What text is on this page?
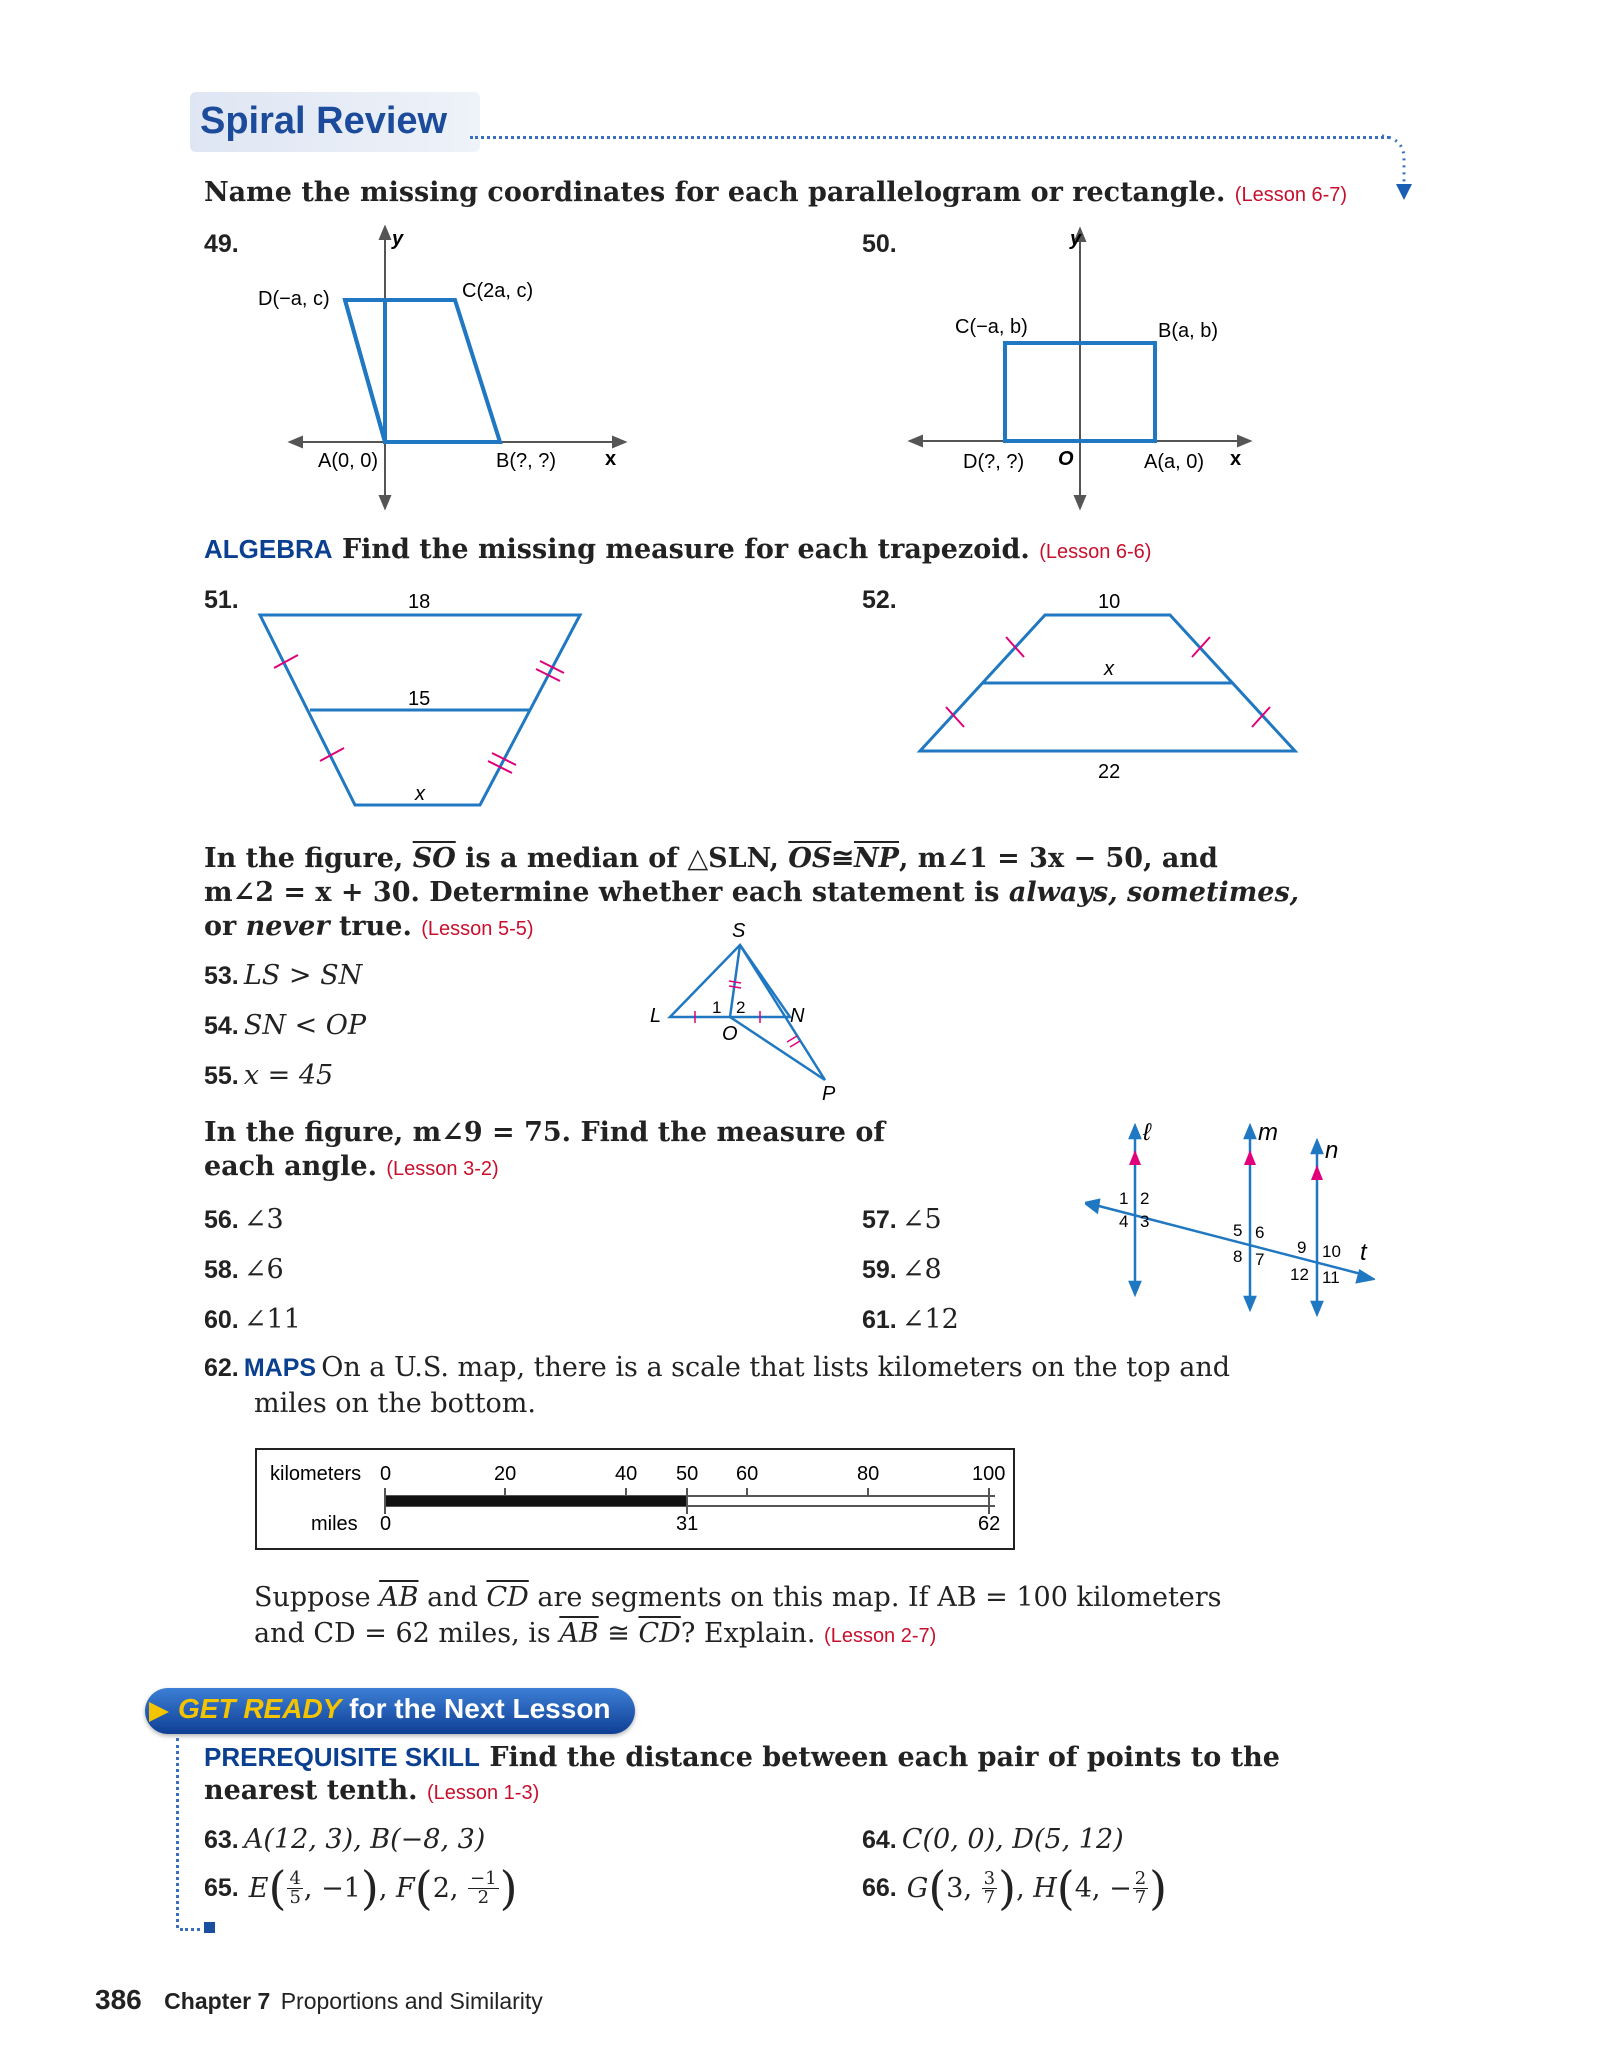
Spiral Review
Name the missing coordinates for each parallelogram or rectangle. (Lesson 6-7)
49.	y
x
D(−a, c)	C(2a, c)
A(0, 0)	B(?, ?)
50.	y
x
C(−a, b)	B(a, b)
D(?, ?) O	A(a, 0)
ALGEBRA Find the missing measure for each trapezoid. (Lesson 6-6)
51.	18
15
x
52.	10
x
22
In the figure, $\overline{SO}$ is a median of △SLN, $\overline{OS}≅\overline{NP}$, m∠1 = 3x − 50, and
m∠2 = x + 30. Determine whether each statement is always, sometimes,
or never true. (Lesson 5-5)
53. LS > SN
54. SN < OP
55. x = 45
S
L
O
N
P
1 2
In the figure, m∠9 = 75. Find the measure of
each angle. (Lesson 3-2)
56. ∠3	57. ∠5
58. ∠6	59. ∠8
60. ∠11	61. ∠12
ℓ	m
n
t
1 2
4 3	5 6
8 7
9 10
12 11
62. MAPS On a U.S. map, there is a scale that lists kilometers on the top and
miles on the bottom.
kilometers
miles
0	20	40 50 60	80	100
0	31	62
Suppose $\overline{AB}$ and $\overline{CD}$ are segments on this map. If AB = 100 kilometers
and CD = 62 miles, is $\overline{AB}$ ≅ $\overline{CD}$? Explain. (Lesson 2-7)
GET READY for the Next Lesson
PREREQUISITE SKILL Find the distance between each pair of points to the
nearest tenth. (Lesson 1-3)
63. A(12, 3), B(−8, 3)	64. C(0, 0), D(5, 12)
65. E ( $\frac{4}{5}$ , −1 ) , F ( 2 , $\frac{-1}{2}$ )	66. G ( 3 , $\frac{3}{7}$ ) , H ( 4 , − $\frac{2}{7}$ )
386 Chapter 7 Proportions and Similarity
